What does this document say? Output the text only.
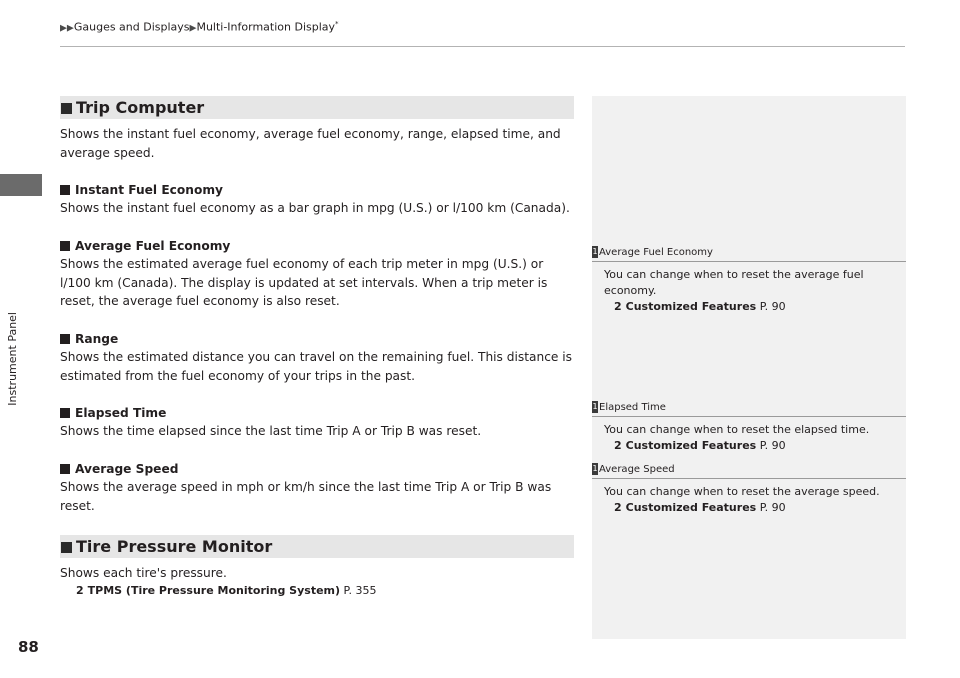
▶▶Gauges and Displays▶Multi-Information Display*
Instrument Panel
88
Trip Computer
Shows the instant fuel economy, average fuel economy, range, elapsed time, and average speed.
Instant Fuel Economy
Shows the instant fuel economy as a bar graph in mpg (U.S.) or l/100 km (Canada).
Average Fuel Economy
Shows the estimated average fuel economy of each trip meter in mpg (U.S.) or l/100 km (Canada). The display is updated at set intervals. When a trip meter is reset, the average fuel economy is also reset.
Range
Shows the estimated distance you can travel on the remaining fuel. This distance is estimated from the fuel economy of your trips in the past.
Elapsed Time
Shows the time elapsed since the last time Trip A or Trip B was reset.
Average Speed
Shows the average speed in mph or km/h since the last time Trip A or Trip B was reset.
Tire Pressure Monitor
Shows each tire's pressure.
2 TPMS (Tire Pressure Monitoring System) P. 355
1Average Fuel Economy
You can change when to reset the average fuel economy.
2 Customized Features P. 90
1Elapsed Time
You can change when to reset the elapsed time.
2 Customized Features P. 90
1Average Speed
You can change when to reset the average speed.
2 Customized Features P. 90
